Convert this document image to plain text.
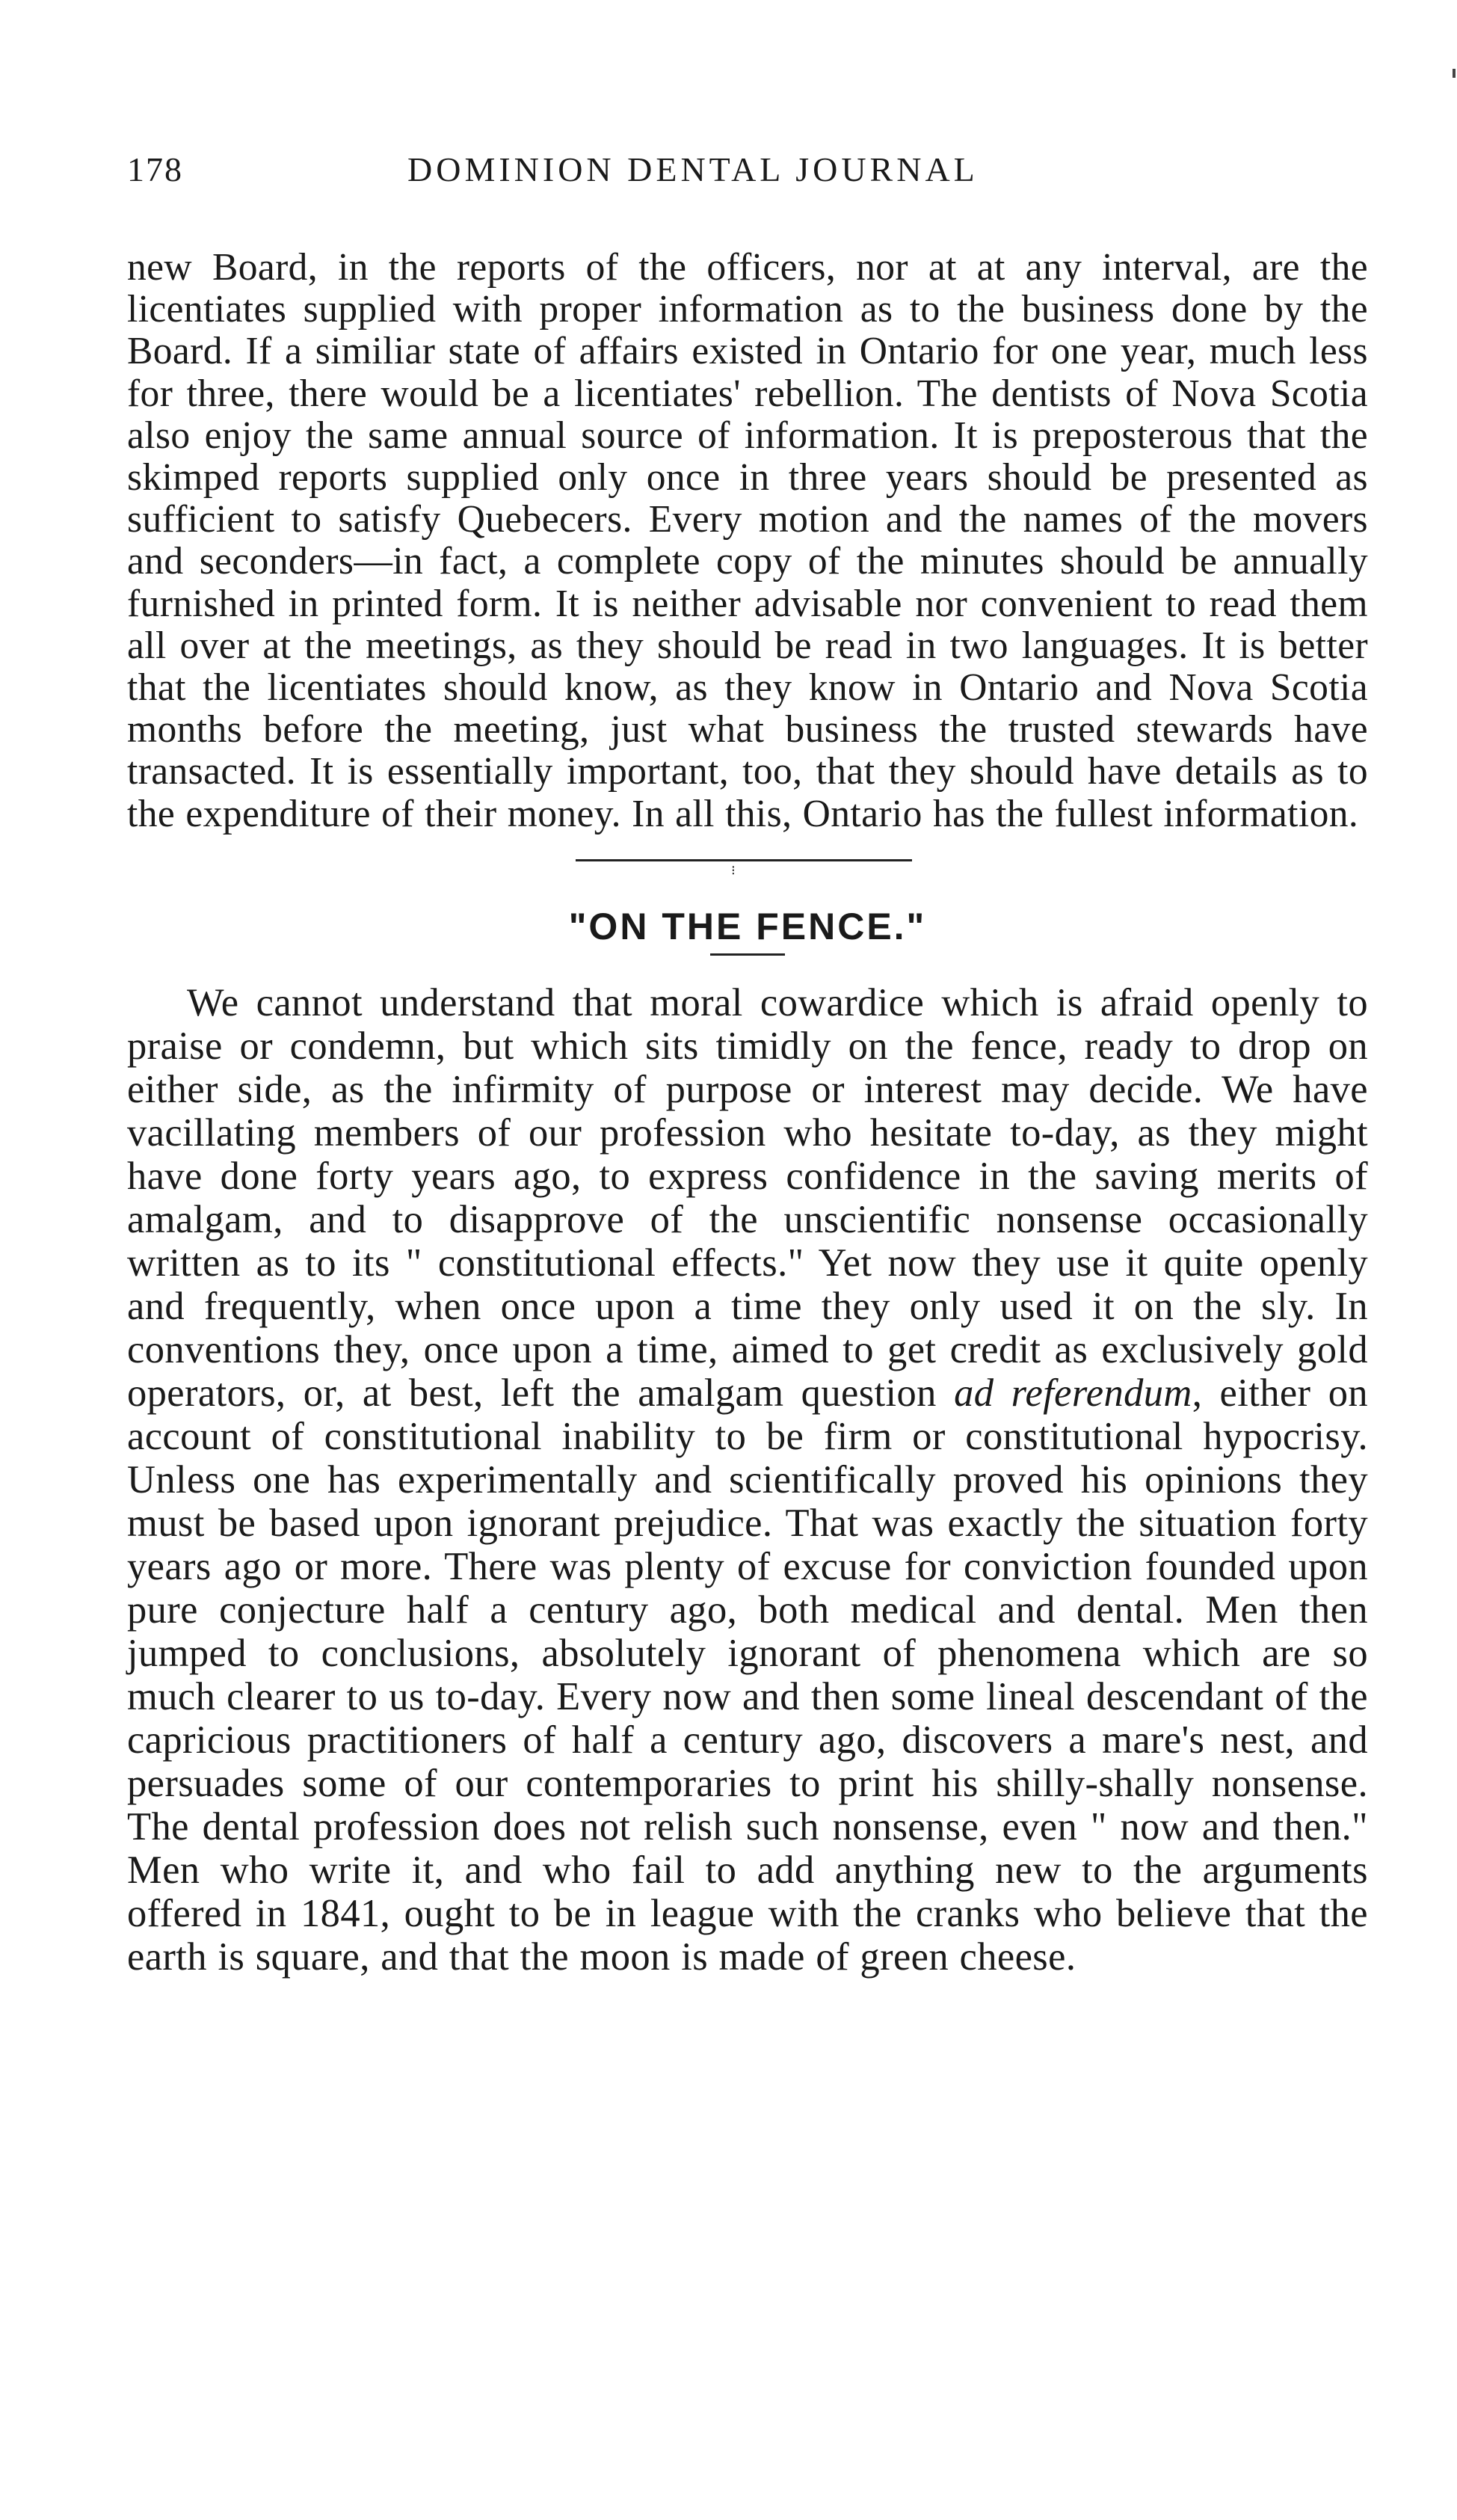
178	DOMINION DENTAL JOURNAL

new Board, in the reports of the officers, nor at at any interval, are the licentiates supplied with proper information as to the business done by the Board. If a similiar state of affairs existed in Ontario for one year, much less for three, there would be a licentiates' rebellion. The dentists of Nova Scotia also enjoy the same annual source of information. It is preposterous that the skimped reports supplied only once in three years should be presented as sufficient to satisfy Quebecers. Every motion and the names of the movers and seconders—in fact, a complete copy of the minutes should be annually furnished in printed form. It is neither advisable nor convenient to read them all over at the meetings, as they should be read in two languages. It is better that the licentiates should know, as they know in Ontario and Nova Scotia months before the meeting, just what business the trusted stewards have transacted. It is essentially important, too, that they should have details as to the expenditure of their money. In all this, Ontario has the fullest information.

⁝
"ON THE FENCE."

We cannot understand that moral cowardice which is afraid openly to praise or condemn, but which sits timidly on the fence, ready to drop on either side, as the infirmity of purpose or interest may decide. We have vacillating members of our profession who hesitate to-day, as they might have done forty years ago, to express confidence in the saving merits of amalgam, and to disapprove of the unscientific nonsense occasionally written as to its " constitutional effects." Yet now they use it quite openly and frequently, when once upon a time they only used it on the sly. In conventions they, once upon a time, aimed to get credit as exclusively gold operators, or, at best, left the amalgam question ad referendum, either on account of constitutional inability to be firm or constitutional hypocrisy. Unless one has experimentally and scientifically proved his opinions they must be based upon ignorant prejudice. That was exactly the situation forty years ago or more. There was plenty of excuse for conviction founded upon pure conjecture half a century ago, both medical and dental. Men then jumped to conclusions, absolutely ignorant of phenomena which are so much clearer to us to-day. Every now and then some lineal descendant of the capricious practitioners of half a century ago, discovers a mare's nest, and persuades some of our contemporaries to print his shilly-shally nonsense. The dental profession does not relish such nonsense, even " now and then." Men who write it, and who fail to add anything new to the arguments offered in 1841, ought to be in league with the cranks who believe that the earth is square, and that the moon is made of green cheese.
